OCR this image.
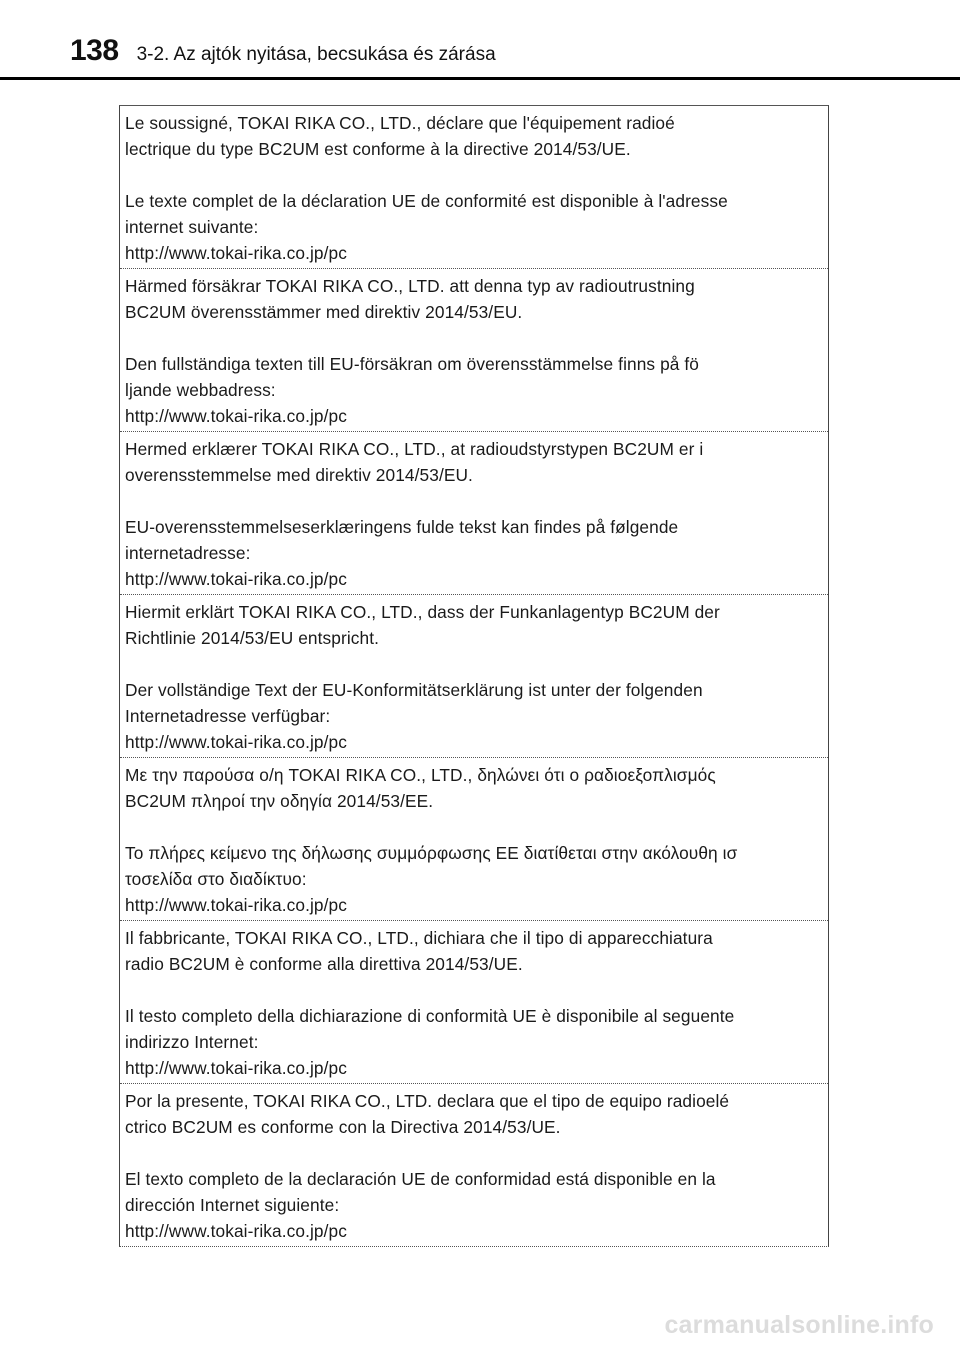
138 3-2. Az ajtók nyitása, becsukása és zárása

Le soussigné, TOKAI RIKA CO., LTD., déclare que l'équipement radioé
lectrique du type BC2UM est conforme à la directive 2014/53/UE.

Le texte complet de la déclaration UE de conformité est disponible à l'adresse
internet suivante:

http://www.tokai-rika.co.jp/pc

Härmed försäkrar TOKAI RIKA CO., LTD. att denna typ av radioutrustning
BC2UM överensstämmer med direktiv 2014/53/EU.

Den fullständiga texten till EU-försäkran om överensstämmelse finns på fö
ljande webbadress:

http://www.tokai-rika.co.jp/pc

Hermed erklærer TOKAI RIKA CO., LTD., at radioudstyrstypen BC2UM er i
overensstemmelse med direktiv 2014/53/EU.

EU-overensstemmelseserklæringens fulde tekst kan findes på følgende
internetadresse:

http://www.tokai-rika.co.jp/pc

Hiermit erklärt TOKAI RIKA CO., LTD., dass der Funkanlagentyp BC2UM der
Richtlinie 2014/53/EU entspricht.

Der vollständige Text der EU-Konformitätserklärung ist unter der folgenden
Internetadresse verfügbar:

http://www.tokai-rika.co.jp/pc

Με την παρούσα ο/η TOKAI RIKA CO., LTD., δηλώνει ότι ο ραδιοεξοπλισμός
BC2UM πληροί την οδηγία 2014/53/ΕΕ.

Το πλήρες κείμενο της δήλωσης συμμόρφωσης ΕΕ διατίθεται στην ακόλουθη ισ
τοσελίδα στο διαδίκτυο:

http://www.tokai-rika.co.jp/pc

Il fabbricante, TOKAI RIKA CO., LTD., dichiara che il tipo di apparecchiatura
radio BC2UM è conforme alla direttiva 2014/53/UE.

Il testo completo della dichiarazione di conformità UE è disponibile al seguente
indirizzo Internet:

http://www.tokai-rika.co.jp/pc

Por la presente, TOKAI RIKA CO., LTD. declara que el tipo de equipo radioelé
ctrico BC2UM es conforme con la Directiva 2014/53/UE.

El texto completo de la declaración UE de conformidad está disponible en la
dirección Internet siguiente:

http://www.tokai-rika.co.jp/pc

carmanualsonline.info
